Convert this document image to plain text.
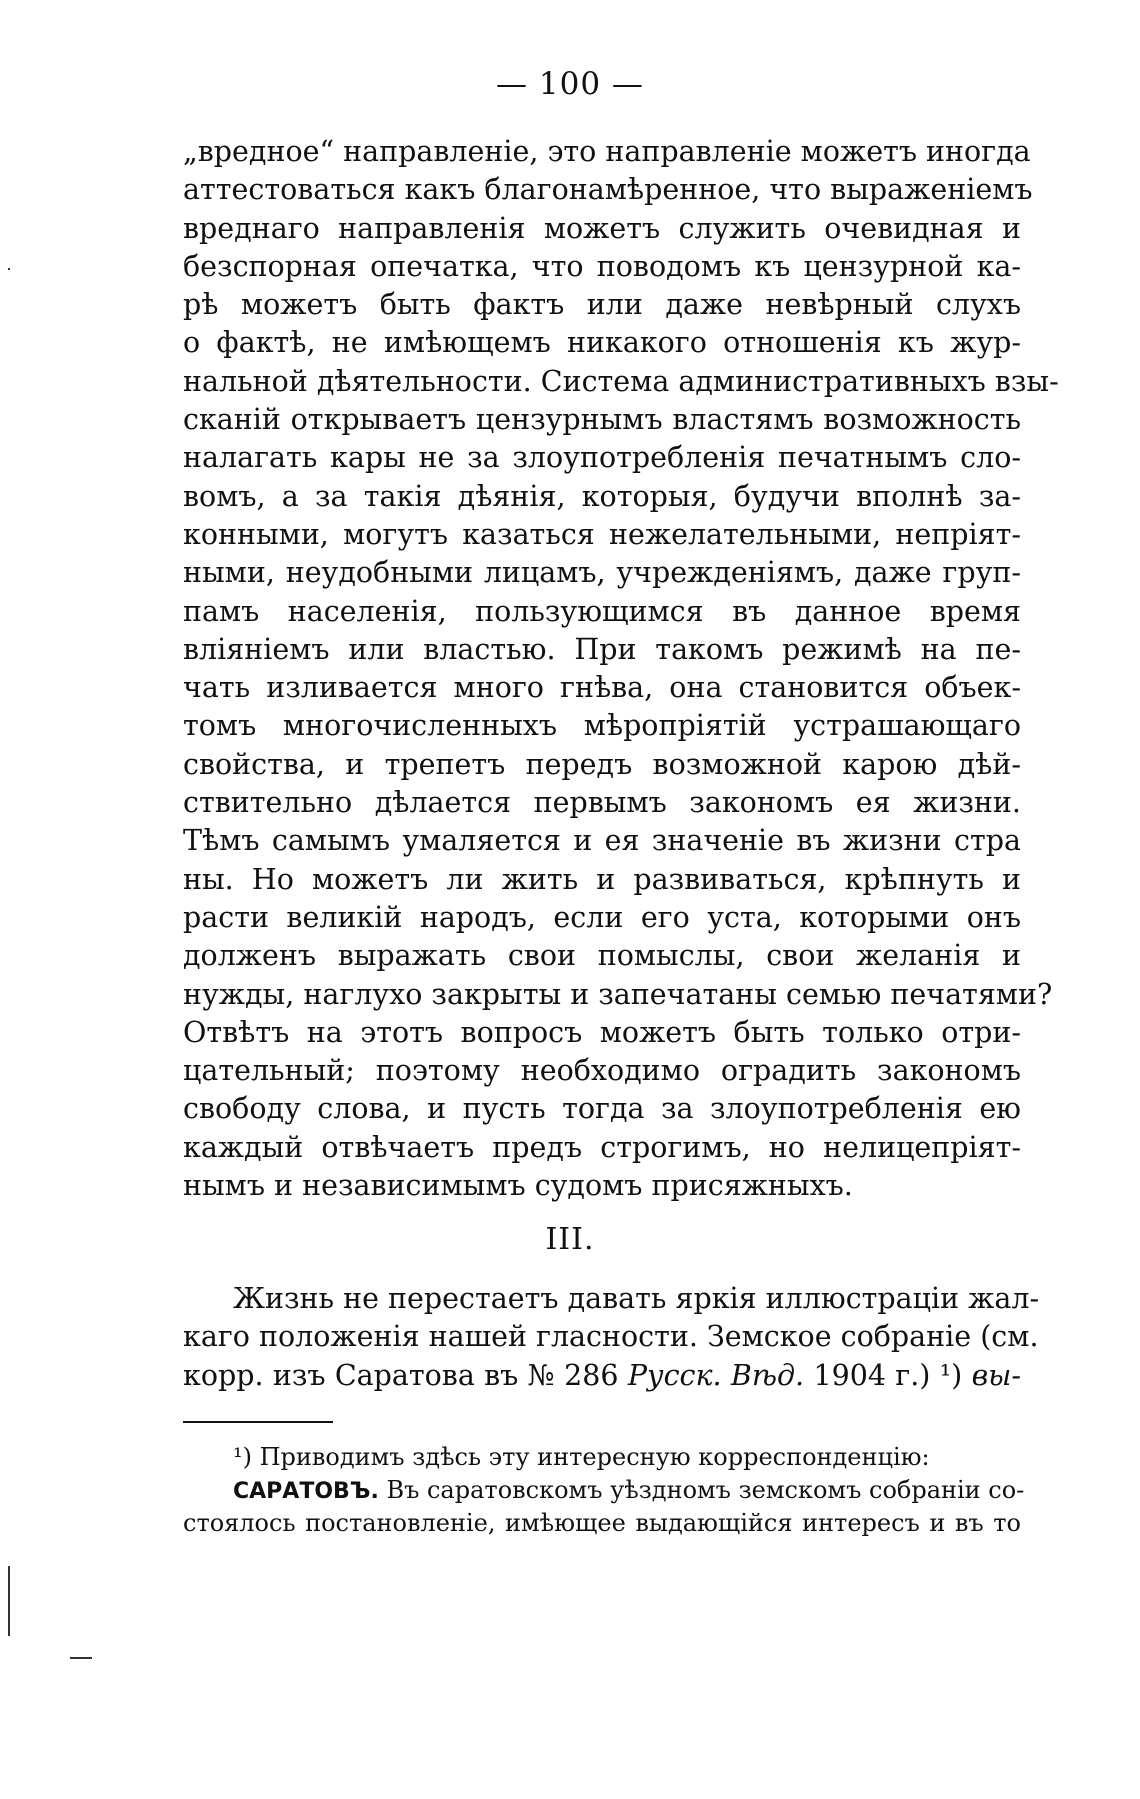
— 100 —
„вредное“ направленіе, это направленіе можетъ иногда
аттестоваться какъ благонамѣренное, что выраженіемъ
вреднаго направленія можетъ служить очевидная и
безспорная опечатка, что поводомъ къ цензурной ка-
рѣ можетъ быть фактъ или даже невѣрный слухъ
о фактѣ, не имѣющемъ никакого отношенія къ жур-
нальной дѣятельности. Система административныхъ взы-
сканій открываетъ цензурнымъ властямъ возможность
налагать кары не за злоупотребленія печатнымъ сло-
вомъ, а за такія дѣянія, которыя, будучи вполнѣ за-
конными, могутъ казаться нежелательными, непріят-
ными, неудобными лицамъ, учрежденіямъ, даже груп-
памъ населенія, пользующимся въ данное время
вліяніемъ или властью. При такомъ режимѣ на пе-
чать изливается много гнѣва, она становится объек-
томъ многочисленныхъ мѣропріятій устрашающаго
свойства, и трепетъ передъ возможной карою дѣй-
ствительно дѣлается первымъ закономъ ея жизни.
Тѣмъ самымъ умаляется и ея значеніе въ жизни стра
ны. Но можетъ ли жить и развиваться, крѣпнуть и
расти великій народъ, если его уста, которыми онъ
долженъ выражать свои помыслы, свои желанія и
нужды, наглухо закрыты и запечатаны семью печатями?
Отвѣтъ на этотъ вопросъ можетъ быть только отри-
цательный; поэтому необходимо оградить закономъ
свободу слова, и пусть тогда за злоупотребленія ею
каждый отвѣчаетъ предъ строгимъ, но нелицепріят-
нымъ и независимымъ судомъ присяжныхъ.
III.
Жизнь не перестаетъ давать яркія иллюстраціи жал-
каго положенія нашей гласности. Земское собраніе (см.
корр. изъ Саратова въ № 286 Русск. Вѣд. 1904 г.) ¹) вы-
¹) Приводимъ здѣсь эту интересную корреспонденцію:
САРАТОВЪ. Въ саратовскомъ уѣздномъ земскомъ собраніи со-
стоялось постановленіе, имѣющее выдающійся интересъ и въ то
